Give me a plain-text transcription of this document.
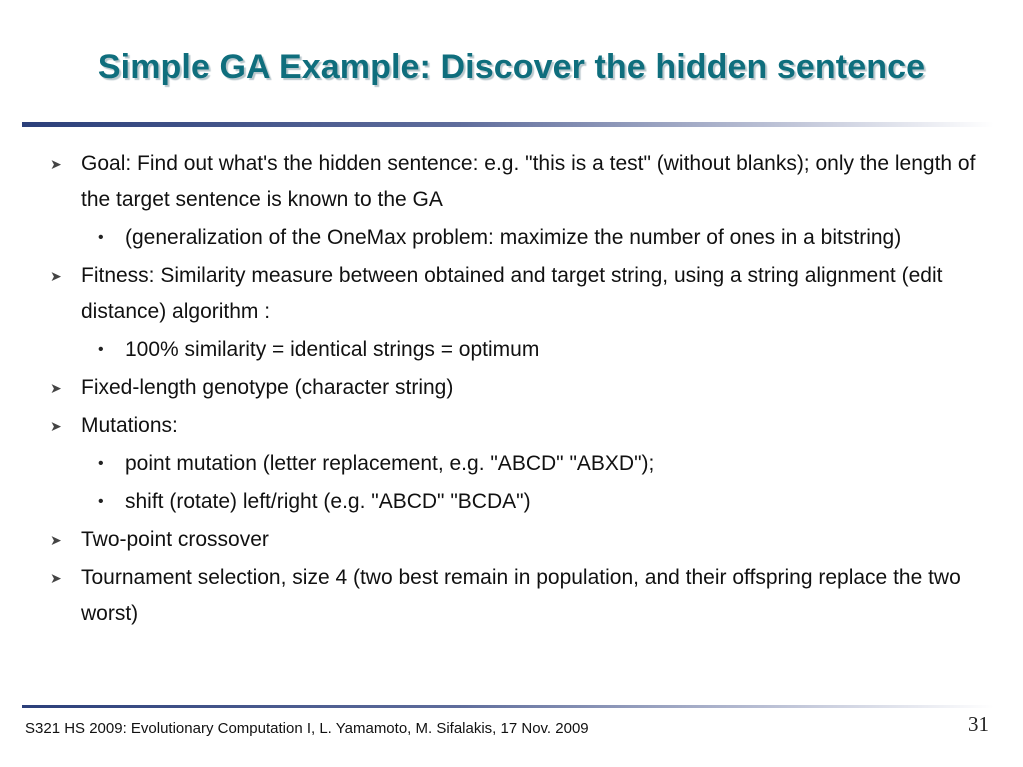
Simple GA Example: Discover the hidden sentence
➤ Goal: Find out what's the hidden sentence: e.g. "this is a test" (without blanks); only the length of the target sentence is known to the GA
• (generalization of the OneMax problem: maximize the number of ones in a bitstring)
➤ Fitness: Similarity measure between obtained and target string, using a string alignment (edit distance) algorithm :
• 100% similarity = identical strings = optimum
➤ Fixed-length genotype (character string)
➤ Mutations:
• point mutation (letter replacement, e.g. "ABCD" "ABXD");
• shift (rotate) left/right (e.g. "ABCD" "BCDA")
➤ Two-point crossover
➤ Tournament selection, size 4 (two best remain in population, and their offspring replace the two worst)
S321 HS 2009: Evolutionary Computation I, L. Yamamoto, M. Sifalakis, 17 Nov. 2009	31
